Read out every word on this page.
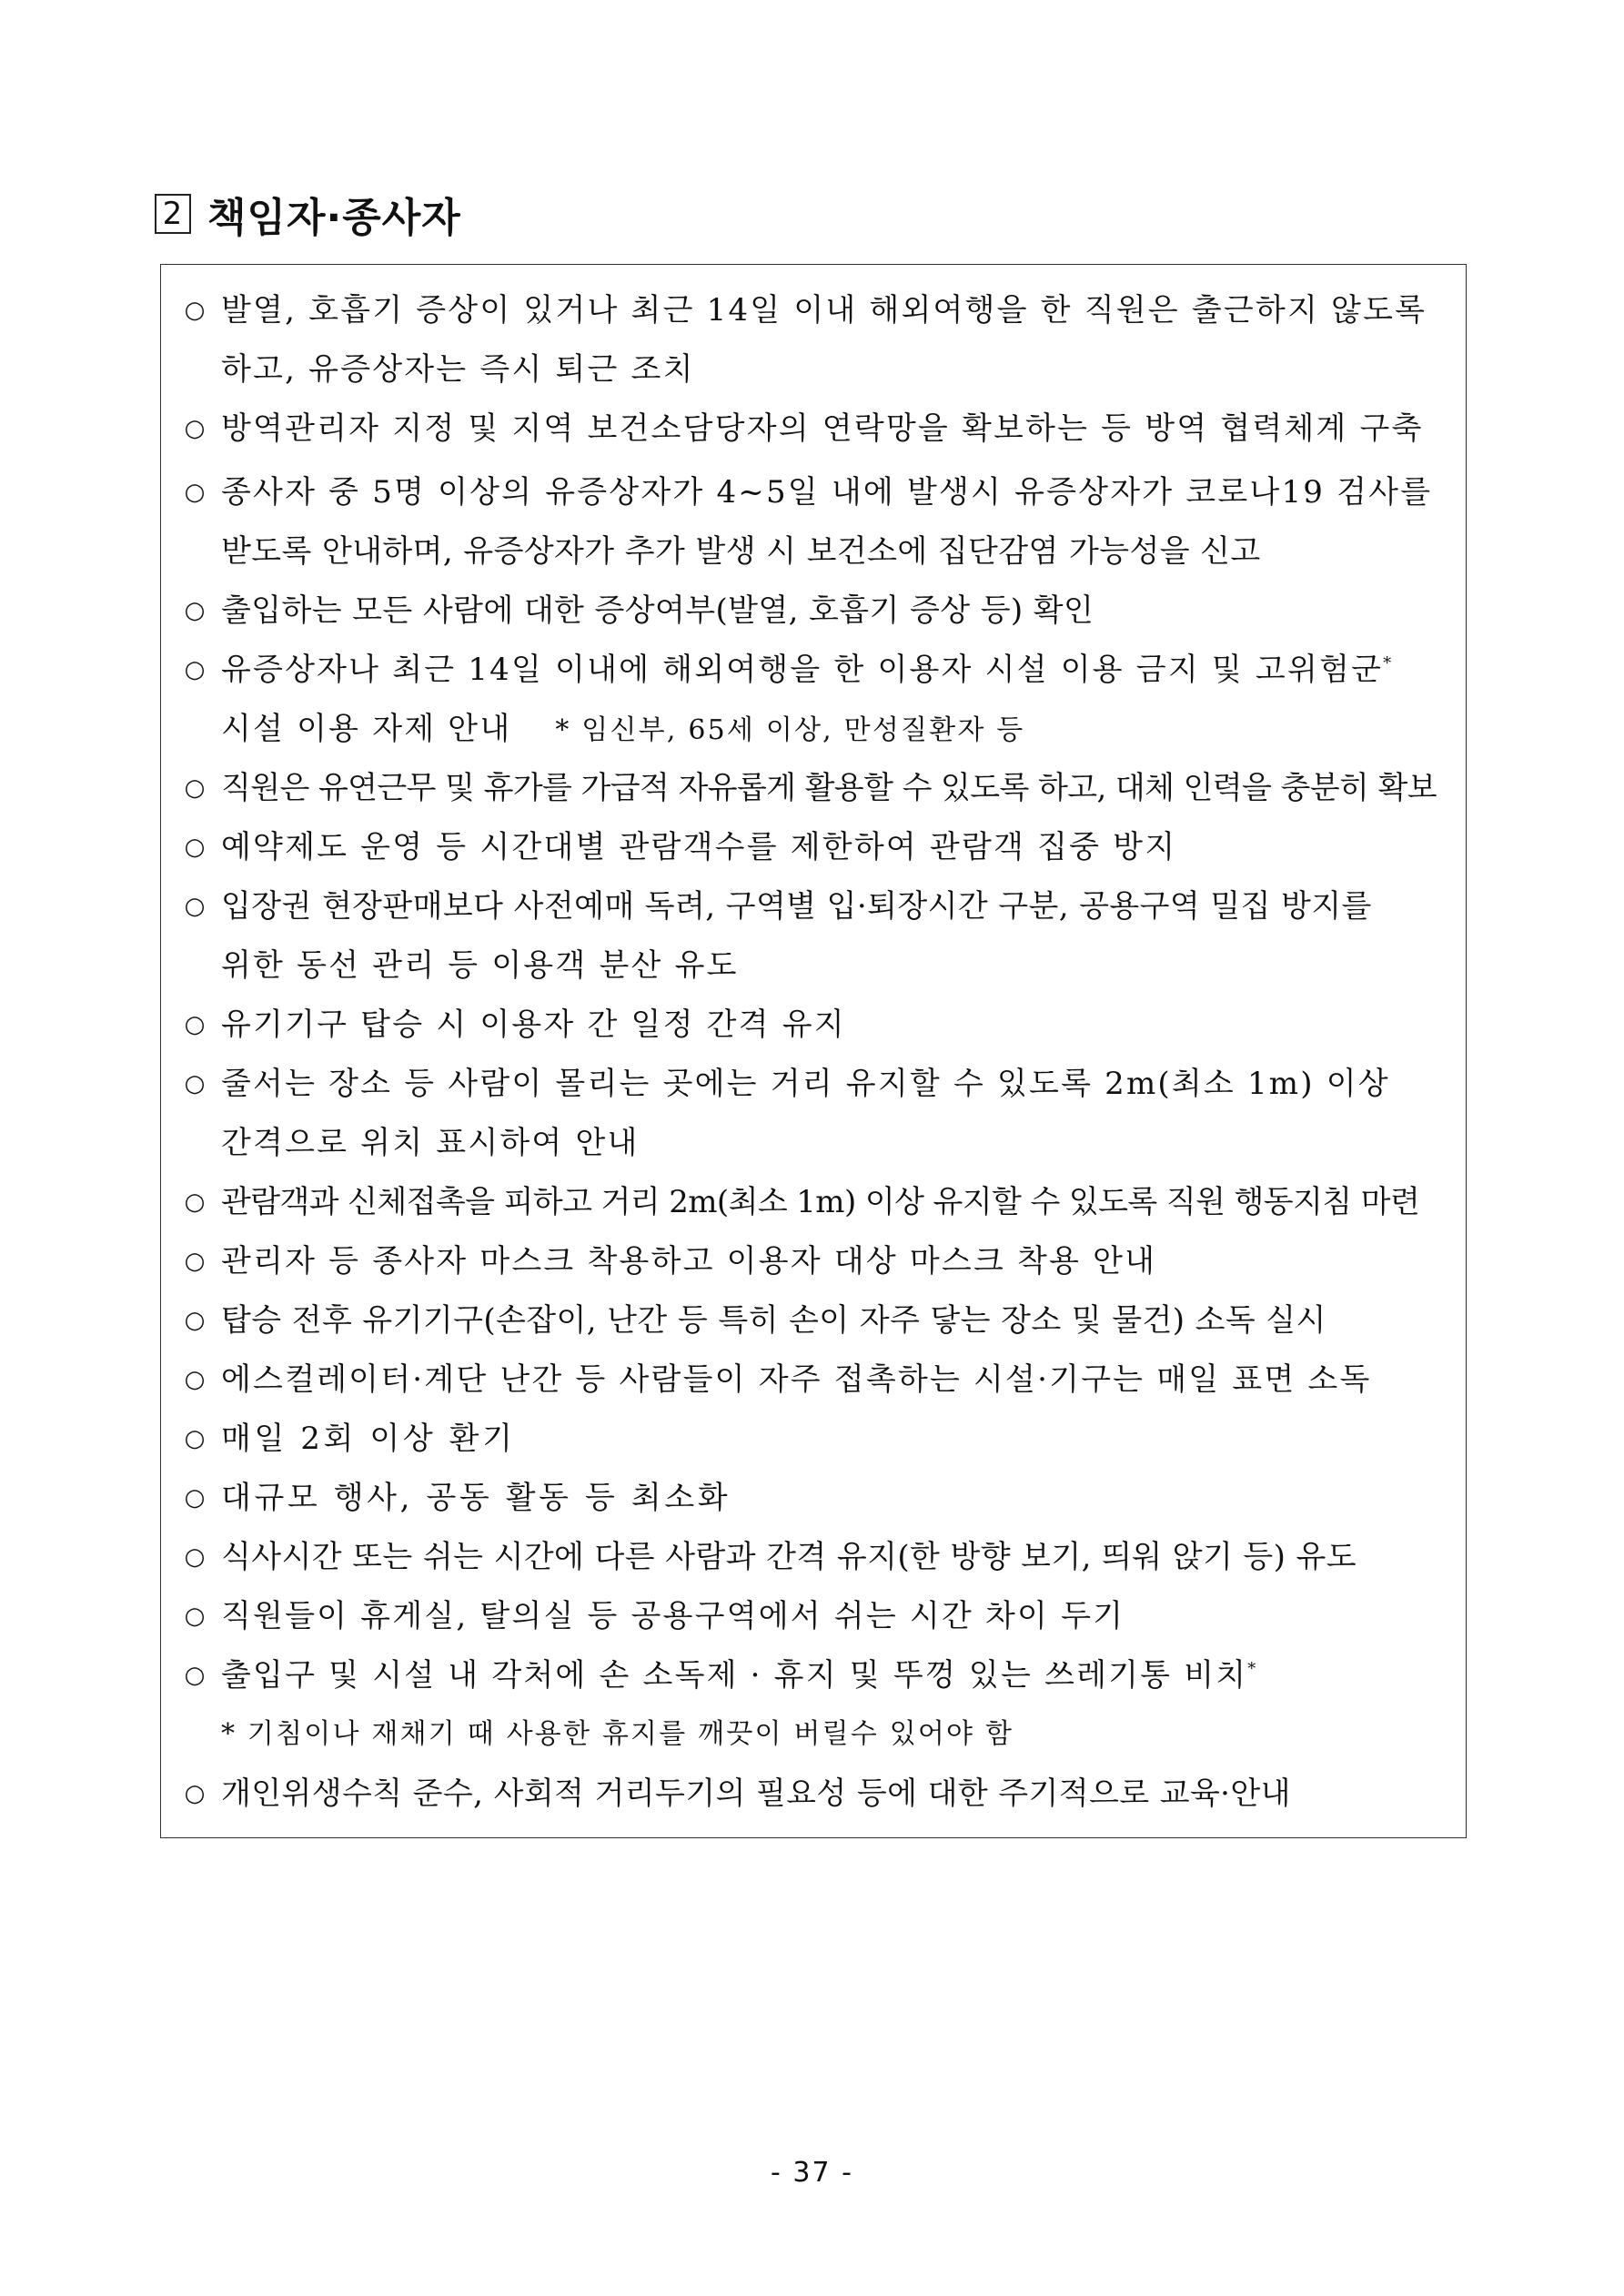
2 책임자·종사자
○ 발열, 호흡기 증상이 있거나 최근 14일 이내 해외여행을 한 직원은 출근하지 않도록
하고, 유증상자는 즉시 퇴근 조치
○ 방역관리자 지정 및 지역 보건소담당자의 연락망을 확보하는 등 방역 협력체계 구축
○ 종사자 중 5명 이상의 유증상자가 4~5일 내에 발생시 유증상자가 코로나19 검사를
받도록 안내하며, 유증상자가 추가 발생 시 보건소에 집단감염 가능성을 신고
○ 출입하는 모든 사람에 대한 증상여부(발열, 호흡기 증상 등) 확인
○ 유증상자나 최근 14일 이내에 해외여행을 한 이용자 시설 이용 금지 및 고위험군*
시설 이용 자제 안내 * 임신부, 65세 이상, 만성질환자 등
○ 직원은 유연근무 및 휴가를 가급적 자유롭게 활용할 수 있도록 하고, 대체 인력을 충분히 확보
○ 예약제도 운영 등 시간대별 관람객수를 제한하여 관람객 집중 방지
○ 입장권 현장판매보다 사전예매 독려, 구역별 입·퇴장시간 구분, 공용구역 밀집 방지를
위한 동선 관리 등 이용객 분산 유도
○ 유기기구 탑승 시 이용자 간 일정 간격 유지
○ 줄서는 장소 등 사람이 몰리는 곳에는 거리 유지할 수 있도록 2m(최소 1m) 이상
간격으로 위치 표시하여 안내
○ 관람객과 신체접촉을 피하고 거리 2m(최소 1m) 이상 유지할 수 있도록 직원 행동지침 마련
○ 관리자 등 종사자 마스크 착용하고 이용자 대상 마스크 착용 안내
○ 탑승 전후 유기기구(손잡이, 난간 등 특히 손이 자주 닿는 장소 및 물건) 소독 실시
○ 에스컬레이터·계단 난간 등 사람들이 자주 접촉하는 시설·기구는 매일 표면 소독
○ 매일 2회 이상 환기
○ 대규모 행사, 공동 활동 등 최소화
○ 식사시간 또는 쉬는 시간에 다른 사람과 간격 유지(한 방향 보기, 띄워 앉기 등) 유도
○ 직원들이 휴게실, 탈의실 등 공용구역에서 쉬는 시간 차이 두기
○ 출입구 및 시설 내 각처에 손 소독제 · 휴지 및 뚜껑 있는 쓰레기통 비치*
* 기침이나 재채기 때 사용한 휴지를 깨끗이 버릴수 있어야 함
○ 개인위생수칙 준수, 사회적 거리두기의 필요성 등에 대한 주기적으로 교육·안내
- 37 -
